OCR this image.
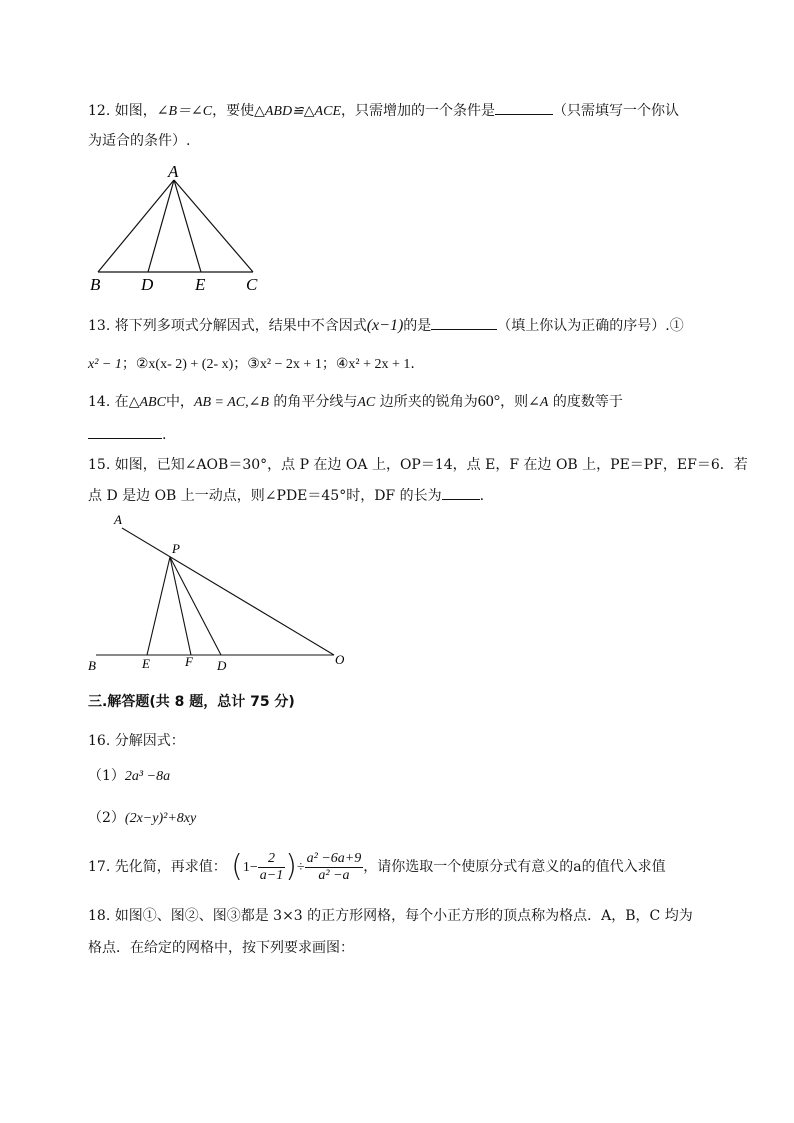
12. 如图，∠B＝∠C，要使△ABD≌△ACE，只需增加的一个条件是	（只需填写一个你认
为适合的条件）.
A
B D E C
13. 将下列多项式分解因式，结果中不含因式(x−1)的是	（填上你认为正确的序号）.①
x² − 1；②x(x- 2) + (2- x)；③x² − 2x + 1；④x² + 2x + 1.
14. 在△ABC中，AB = AC,∠B 的角平分线与AC 边所夹的锐角为60°，则∠A 的度数等于
.
15. 如图，已知∠AOB＝30°，点 P 在边 OA 上，OP＝14，点 E，F 在边 OB 上，PE＝PF，EF＝6．若
点 D 是边 OB 上一动点，则∠PDE＝45°时，DF 的长为	.
A
P
B	E	F D	O
三.解答题(共 8 题，总计 75 分)
16. 分解因式：
（1）2a³ −8a
（2）(2x−y)²+8xy
17. 先化简，再求值： ($1- \frac{2}{a-1}$ )÷ $\frac{\text{a² −6a+9}}{\text{a² −a}}$ ，请你选取一个使原分式有意义的a的值代入求值
18. 如图①、图②、图③都是 3×3 的正方形网格，每个小正方形的顶点称为格点．A，B，C 均为
格点．在给定的网格中，按下列要求画图：
